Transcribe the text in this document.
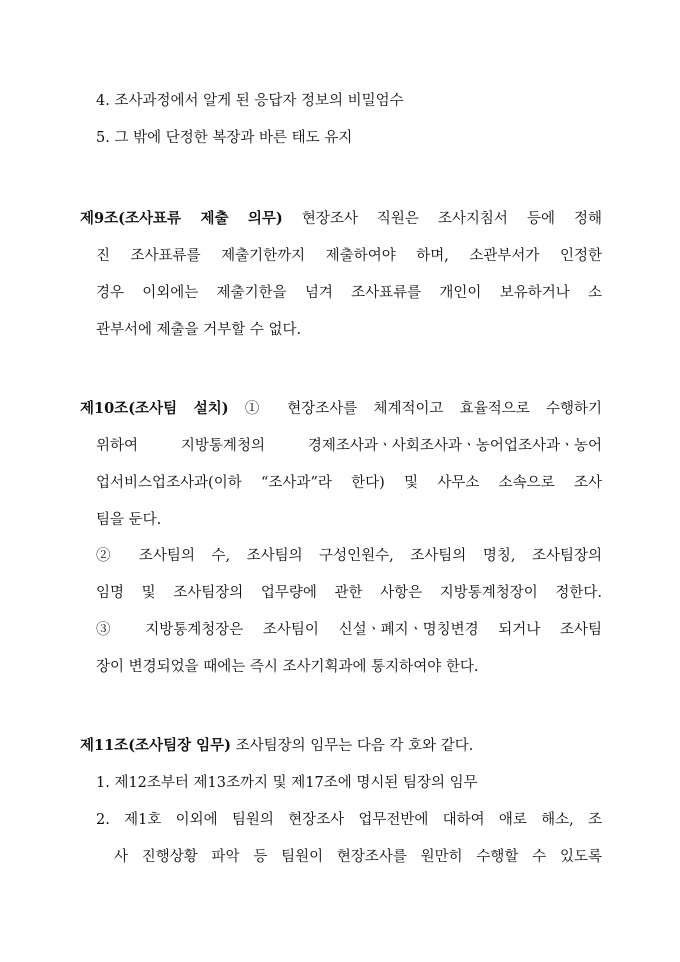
4. 조사과정에서 알게 된 응답자 정보의 비밀엄수
5. 그 밖에 단정한 복장과 바른 태도 유지
제9조(조사표류 제출 의무) 현장조사 직원은 조사지침서 등에 정해
진 조사표류를 제출기한까지 제출하여야 하며, 소관부서가 인정한
경우 이외에는 제출기한을 넘겨 조사표류를 개인이 보유하거나 소
관부서에 제출을 거부할 수 없다.
제10조(조사팀 설치) ① 현장조사를 체계적이고 효율적으로 수행하기
위하여 지방통계청의 경제조사과ㆍ사회조사과ㆍ농어업조사과ㆍ농어
업서비스업조사과(이하 “조사과”라 한다) 및 사무소 소속으로 조사
팀을 둔다.
② 조사팀의 수, 조사팀의 구성인원수, 조사팀의 명칭, 조사팀장의
임명 및 조사팀장의 업무량에 관한 사항은 지방통계청장이 정한다.
③ 지방통계청장은 조사팀이 신설ㆍ폐지ㆍ명칭변경 되거나 조사팀
장이 변경되었을 때에는 즉시 조사기획과에 통지하여야 한다.
제11조(조사팀장 임무) 조사팀장의 임무는 다음 각 호와 같다.
1. 제12조부터 제13조까지 및 제17조에 명시된 팀장의 임무
2. 제1호 이외에 팀원의 현장조사 업무전반에 대하여 애로 해소, 조
사 진행상황 파악 등 팀원이 현장조사를 원만히 수행할 수 있도록
